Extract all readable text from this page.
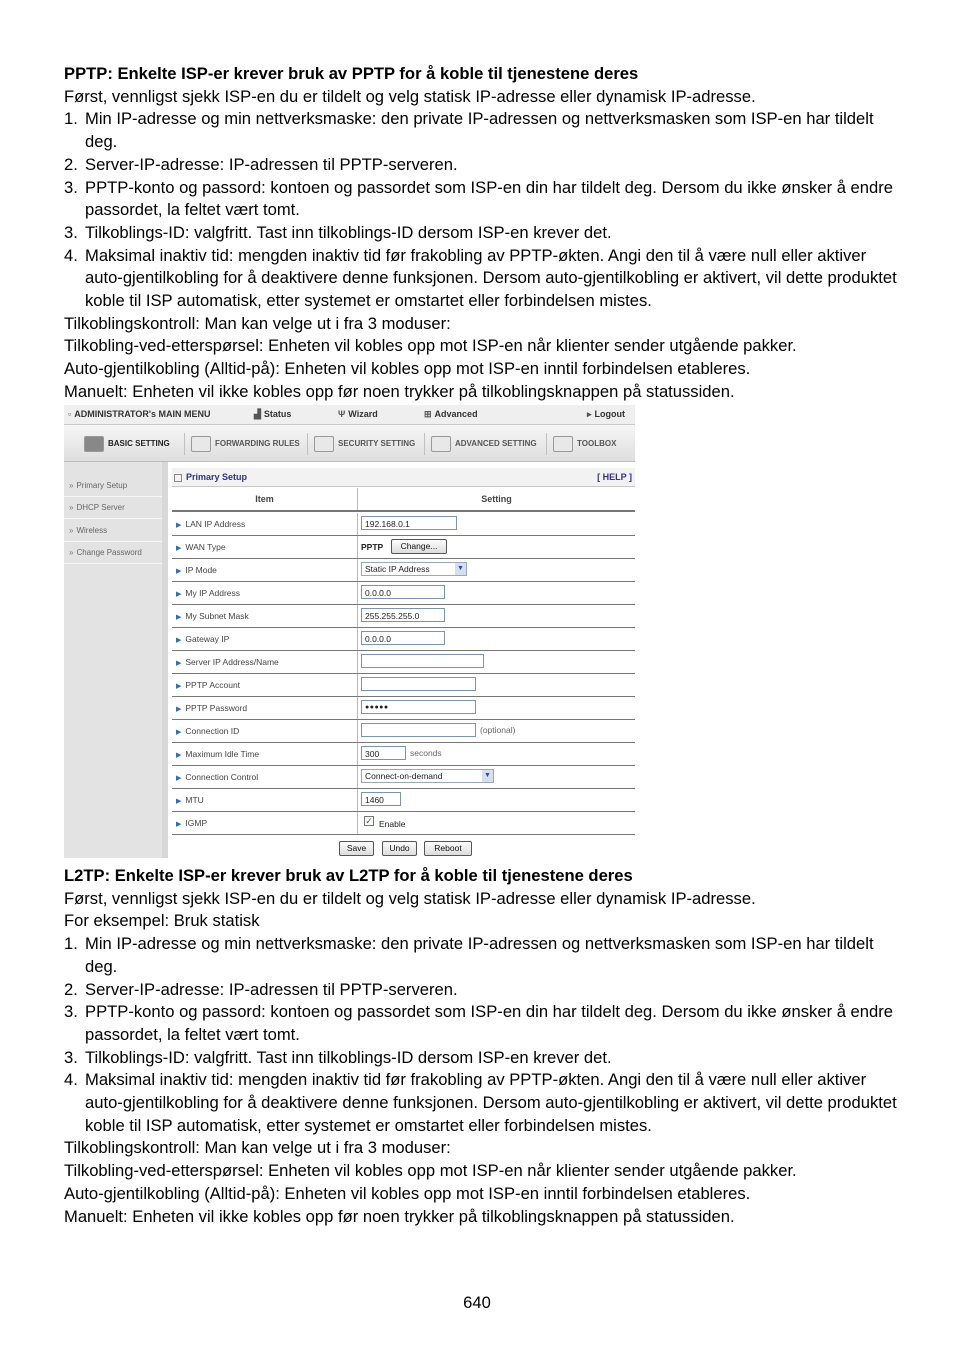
PPTP: Enkelte ISP-er krever bruk av PPTP for å koble til tjenestene deres

Først, vennligst sjekk ISP-en du er tildelt og velg statisk IP-adresse eller dynamisk IP-adresse.

1. Min IP-adresse og min nettverksmaske: den private IP-adressen og nettverksmasken som ISP-en har tildelt deg.
2. Server-IP-adresse: IP-adressen til PPTP-serveren.
3. PPTP-konto og passord: kontoen og passordet som ISP-en din har tildelt deg. Dersom du ikke ønsker å endre passordet, la feltet vært tomt.
3. Tilkoblings-ID: valgfritt. Tast inn tilkoblings-ID dersom ISP-en krever det.
4. Maksimal inaktiv tid: mengden inaktiv tid før frakobling av PPTP-økten. Angi den til å være null eller aktiver auto-gjentilkobling for å deaktivere denne funksjonen. Dersom auto-gjentilkobling er aktivert, vil dette produktet koble til ISP automatisk, etter systemet er omstartet eller forbindelsen mistes.

Tilkoblingskontroll: Man kan velge ut i fra 3 moduser:

Tilkobling-ved-etterspørsel: Enheten vil kobles opp mot ISP-en når klienter sender utgående pakker.

Auto-gjentilkobling (Alltid-på): Enheten vil kobles opp mot ISP-en inntil forbindelsen etableres.

Manuelt: Enheten vil ikke kobles opp før noen trykker på tilkoblingsknappen på statussiden.

▫ ADMINISTRATOR's MAIN MENU	▟ Status	Ψ Wizard	⊞ Advanced	▸ Logout
BASIC SETTING	FORWARDING RULES	SECURITY SETTING	ADVANCED SETTING	TOOLBOX
» Primary Setup
» DHCP Server
» Wireless
» Change Password
Primary Setup	[ HELP ]
Item	Setting
▶ LAN IP Address	192.168.0.1
▶ WAN Type	PPTP	Change...
▶ IP Mode	Static IP Address	▼
▶ My IP Address	0.0.0.0
▶ My Subnet Mask	255.255.255.0
▶ Gateway IP	0.0.0.0
▶ Server IP Address/Name
▶ PPTP Account
▶ PPTP Password	●●●●●
▶ Connection ID	(optional)
▶ Maximum Idle Time	300	seconds
▶ Connection Control	Connect-on-demand	▼
▶ MTU	1460
▶ IGMP	✓ Enable
Save	Undo	Reboot

L2TP: Enkelte ISP-er krever bruk av L2TP for å koble til tjenestene deres

Først, vennligst sjekk ISP-en du er tildelt og velg statisk IP-adresse eller dynamisk IP-adresse.

For eksempel: Bruk statisk

1. Min IP-adresse og min nettverksmaske: den private IP-adressen og nettverksmasken som ISP-en har tildelt deg.
2. Server-IP-adresse: IP-adressen til PPTP-serveren.
3. PPTP-konto og passord: kontoen og passordet som ISP-en din har tildelt deg. Dersom du ikke ønsker å endre passordet, la feltet vært tomt.
3. Tilkoblings-ID: valgfritt. Tast inn tilkoblings-ID dersom ISP-en krever det.
4. Maksimal inaktiv tid: mengden inaktiv tid før frakobling av PPTP-økten. Angi den til å være null eller aktiver auto-gjentilkobling for å deaktivere denne funksjonen. Dersom auto-gjentilkobling er aktivert, vil dette produktet koble til ISP automatisk, etter systemet er omstartet eller forbindelsen mistes.

Tilkoblingskontroll: Man kan velge ut i fra 3 moduser:

Tilkobling-ved-etterspørsel: Enheten vil kobles opp mot ISP-en når klienter sender utgående pakker.

Auto-gjentilkobling (Alltid-på): Enheten vil kobles opp mot ISP-en inntil forbindelsen etableres.

Manuelt: Enheten vil ikke kobles opp før noen trykker på tilkoblingsknappen på statussiden.

640
